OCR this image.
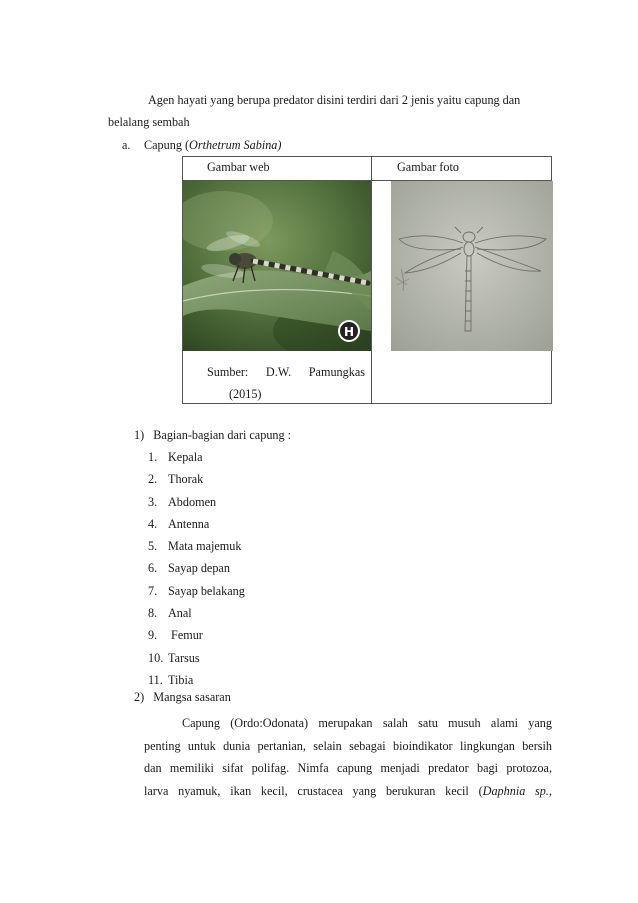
Agen hayati yang berupa predator disini terdiri dari 2 jenis yaitu capung dan
belalang sembah
a. Capung (Orthetrum Sabina)
Gambar web	Gambar foto
H
Sumber: D.W. Pamungkas
(2015)
1)   Bagian-bagian dari capung :
1. Kepala
2. Thorak
3. Abdomen
4. Antenna
5. Mata majemuk
6. Sayap depan
7. Sayap belakang
8. Anal
9. Femur
10. Tarsus
11. Tibia
2)   Mangsa sasaran
Capung (Ordo:Odonata) merupakan salah satu musuh alami yang
penting untuk dunia pertanian, selain sebagai bioindikator lingkungan bersih
dan memiliki sifat polifag. Nimfa capung menjadi predator bagi protozoa,
larva nyamuk, ikan kecil, crustacea yang berukuran kecil (Daphnia sp.,
